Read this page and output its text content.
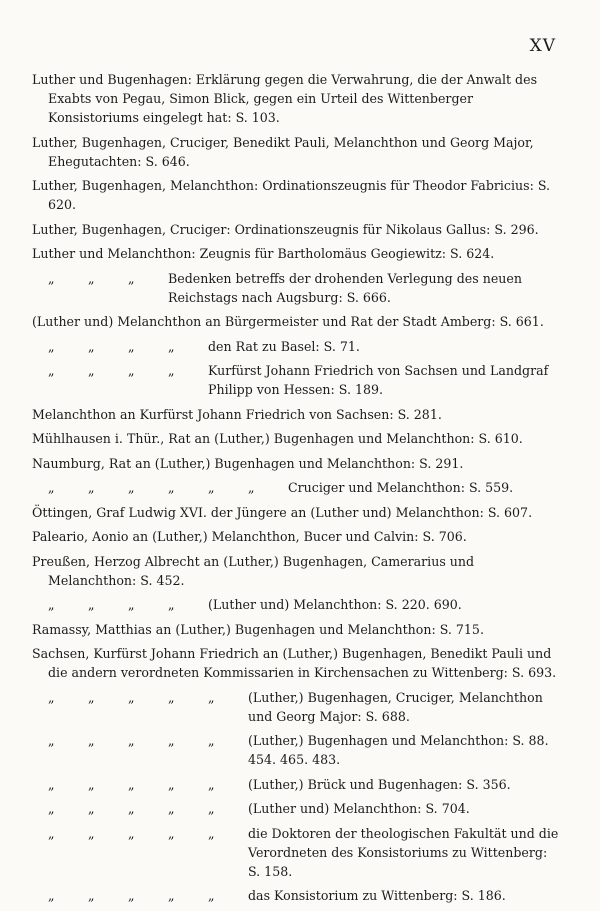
XV
Luther und Bugenhagen: Erklärung gegen die Verwahrung, die der Anwalt des Exabts von Pegau, Simon Blick, gegen ein Urteil des Wittenberger Konsistoriums eingelegt hat: S. 103.
Luther, Bugenhagen, Cruciger, Benedikt Pauli, Melanchthon und Georg Major, Ehegutachten: S. 646.
Luther, Bugenhagen, Melanchthon: Ordinationszeugnis für Theodor Fabricius: S. 620.
Luther, Bugenhagen, Cruciger: Ordinationszeugnis für Nikolaus Gallus: S. 296.
Luther und Melanchthon: Zeugnis für Bartholomäus Geogiewitz: S. 624.
„	„	„	Bedenken betreffs der drohenden Verlegung des neuen Reichstags nach Augsburg: S. 666.
(Luther und) Melanchthon an Bürgermeister und Rat der Stadt Amberg: S. 661.
„	„	„	„	den Rat zu Basel: S. 71.
„	„	„	„	Kurfürst Johann Friedrich von Sachsen und Landgraf Philipp von Hessen: S. 189.
Melanchthon an Kurfürst Johann Friedrich von Sachsen: S. 281.
Mühlhausen i. Thür., Rat an (Luther,) Bugenhagen und Melanchthon: S. 610.
Naumburg, Rat an (Luther,) Bugenhagen und Melanchthon: S. 291.
„	„	„	„	„	„	Cruciger und Melanchthon: S. 559.
Öttingen, Graf Ludwig XVI. der Jüngere an (Luther und) Melanchthon: S. 607.
Paleario, Aonio an (Luther,) Melanchthon, Bucer und Calvin: S. 706.
Preußen, Herzog Albrecht an (Luther,) Bugenhagen, Camerarius und Melanchthon: S. 452.
„	„	„	„	(Luther und) Melanchthon: S. 220. 690.
Ramassy, Matthias an (Luther,) Bugenhagen und Melanchthon: S. 715.
Sachsen, Kurfürst Johann Friedrich an (Luther,) Bugenhagen, Benedikt Pauli und die andern verordneten Kommissarien in Kirchensachen zu Wittenberg: S. 693.
„	„	„	„	„	(Luther,) Bugenhagen, Cruciger, Melanchthon und Georg Major: S. 688.
„	„	„	„	„	(Luther,) Bugenhagen und Melanchthon: S. 88. 454. 465. 483.
„	„	„	„	„	(Luther,) Brück und Bugenhagen: S. 356.
„	„	„	„	„	(Luther und) Melanchthon: S. 704.
„	„	„	„	„	die Doktoren der theologischen Fakultät und die Verordneten des Konsistoriums zu Wittenberg: S. 158.
„	„	„	„	„	das Konsistorium zu Wittenberg: S. 186.
